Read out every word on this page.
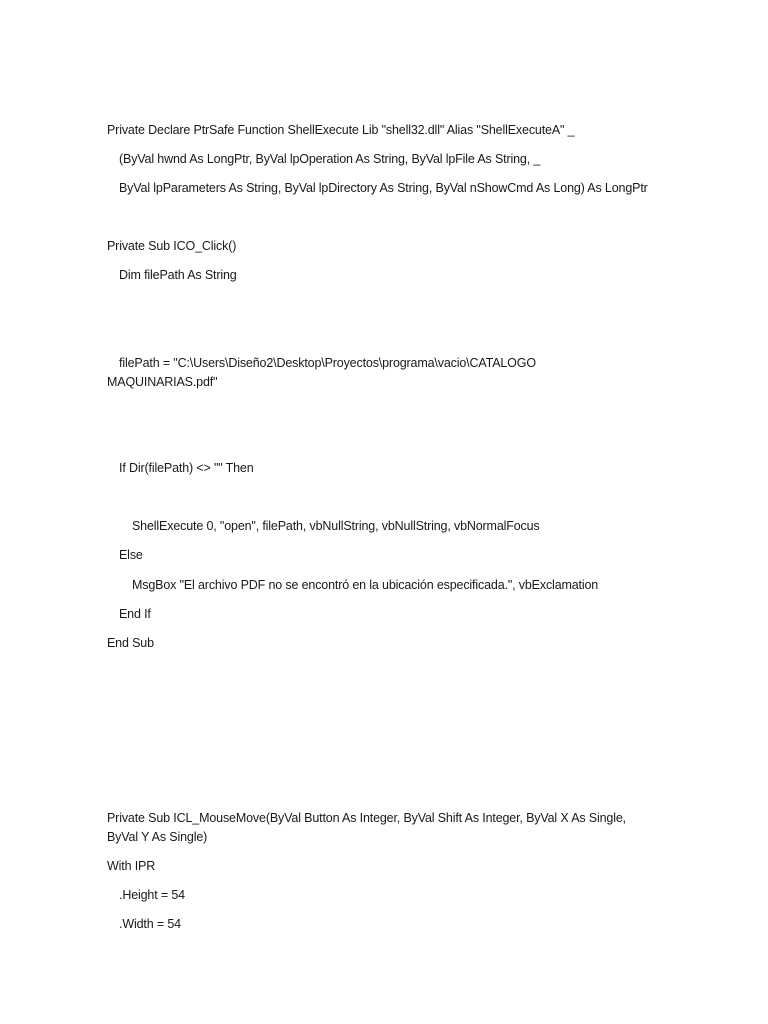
Private Declare PtrSafe Function ShellExecute Lib "shell32.dll" Alias "ShellExecuteA" _
(ByVal hwnd As LongPtr, ByVal lpOperation As String, ByVal lpFile As String, _
ByVal lpParameters As String, ByVal lpDirectory As String, ByVal nShowCmd As Long) As LongPtr
Private Sub ICO_Click()
Dim filePath As String
filePath = "C:\Users\Diseño2\Desktop\Proyectos\programa\vacio\CATALOGO
MAQUINARIAS.pdf"
If Dir(filePath) <> "" Then
ShellExecute 0, "open", filePath, vbNullString, vbNullString, vbNormalFocus
Else
MsgBox "El archivo PDF no se encontró en la ubicación especificada.", vbExclamation
End If
End Sub
Private Sub ICL_MouseMove(ByVal Button As Integer, ByVal Shift As Integer, ByVal X As Single,
ByVal Y As Single)
With IPR
.Height = 54
.Width = 54
